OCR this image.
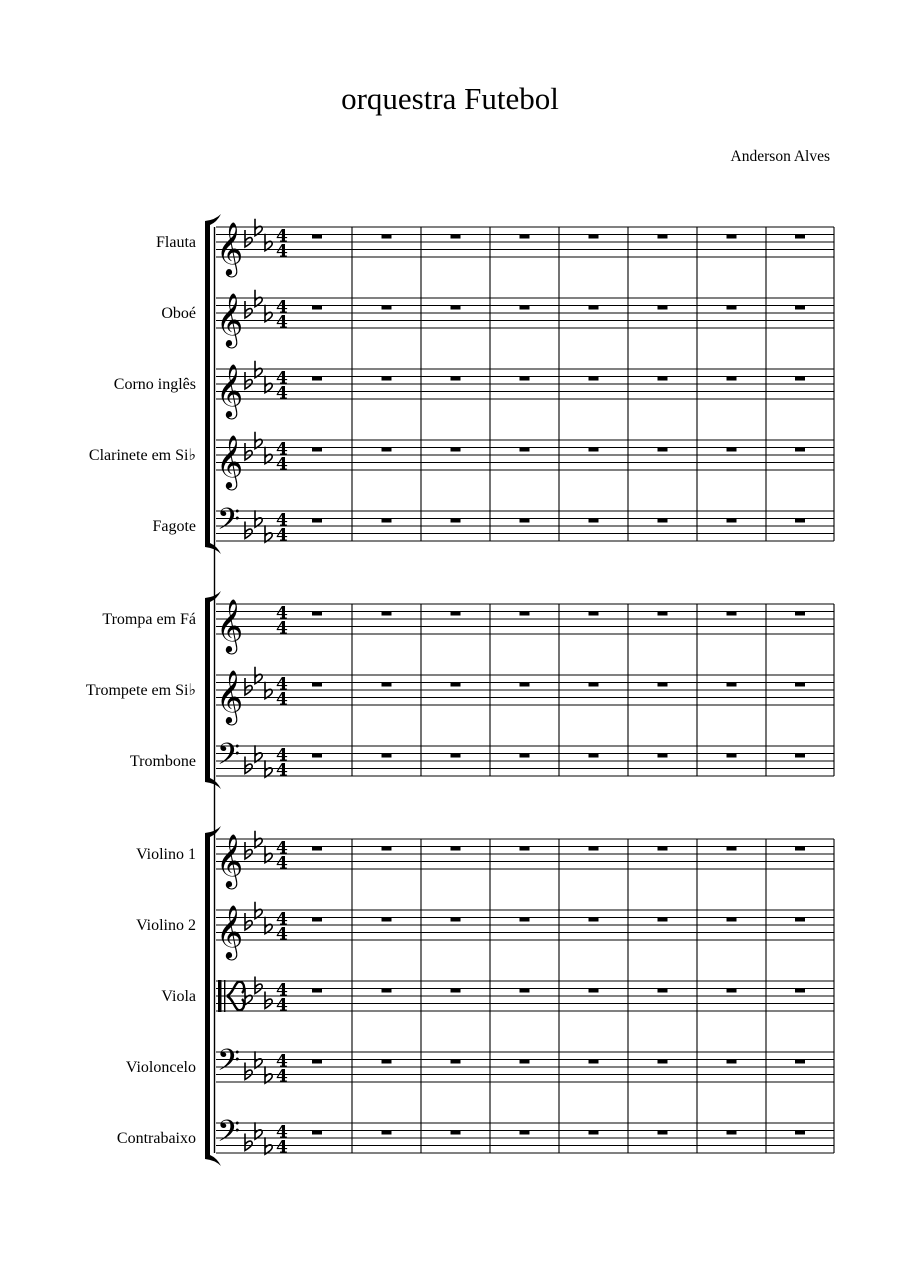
orquestra Futebol
Anderson Alves
Flauta 𝄞 4
4
Oboé 𝄞 4
4
Corno inglês 𝄞 4
4
Clarinete em Si♭ 𝄞 4
4
Fagote 𝄢 4
4
Trompa em Fá 𝄞 4
4
Trompete em Si♭ 𝄞 4
4
Trombone 𝄢 4
4
Violino 1 𝄞 4
4
Violino 2 𝄞 4
4
Viola	4
4
Violoncelo 𝄢 4
4
Contrabaixo 𝄢 4
4
